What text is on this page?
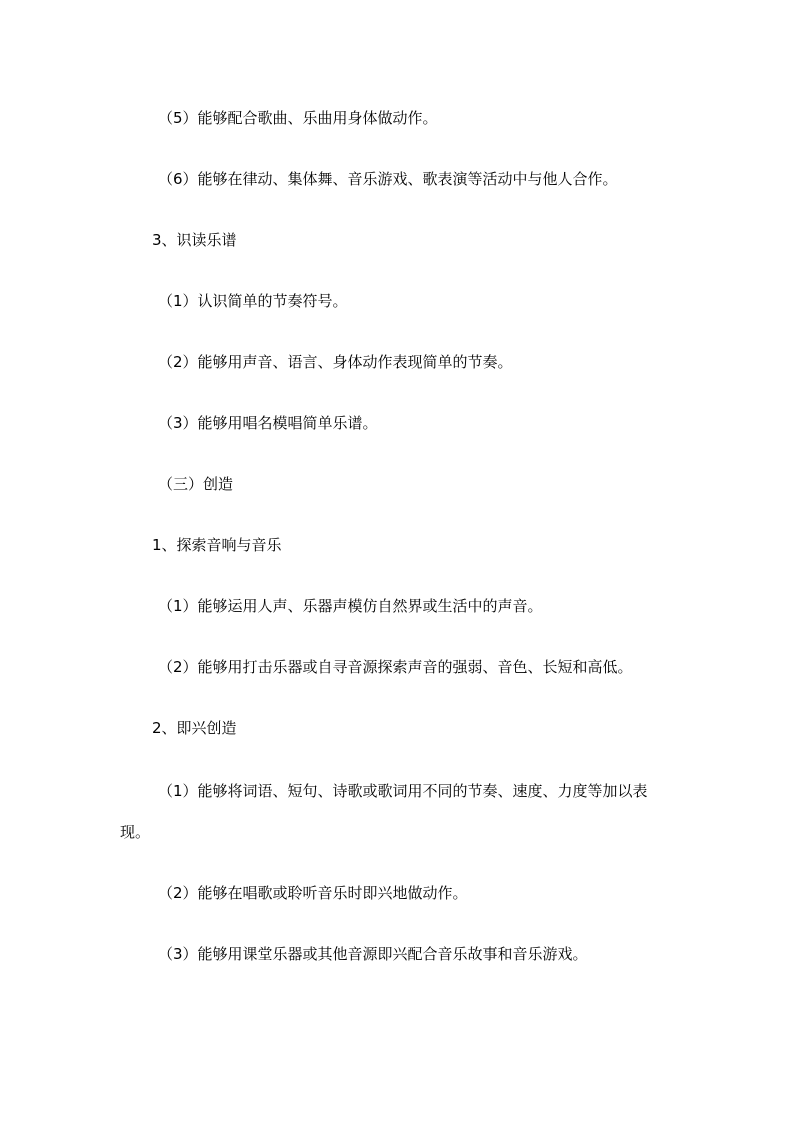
（5）能够配合歌曲、乐曲用身体做动作。
（6）能够在律动、集体舞、音乐游戏、歌表演等活动中与他人合作。
3、识读乐谱
（1）认识简单的节奏符号。
（2）能够用声音、语言、身体动作表现简单的节奏。
（3）能够用唱名模唱简单乐谱。
（三）创造
1、探索音响与音乐
（1）能够运用人声、乐器声模仿自然界或生活中的声音。
（2）能够用打击乐器或自寻音源探索声音的强弱、音色、长短和高低。
2、即兴创造
（1）能够将词语、短句、诗歌或歌词用不同的节奏、速度、力度等加以表
现。
（2）能够在唱歌或聆听音乐时即兴地做动作。
（3）能够用课堂乐器或其他音源即兴配合音乐故事和音乐游戏。
